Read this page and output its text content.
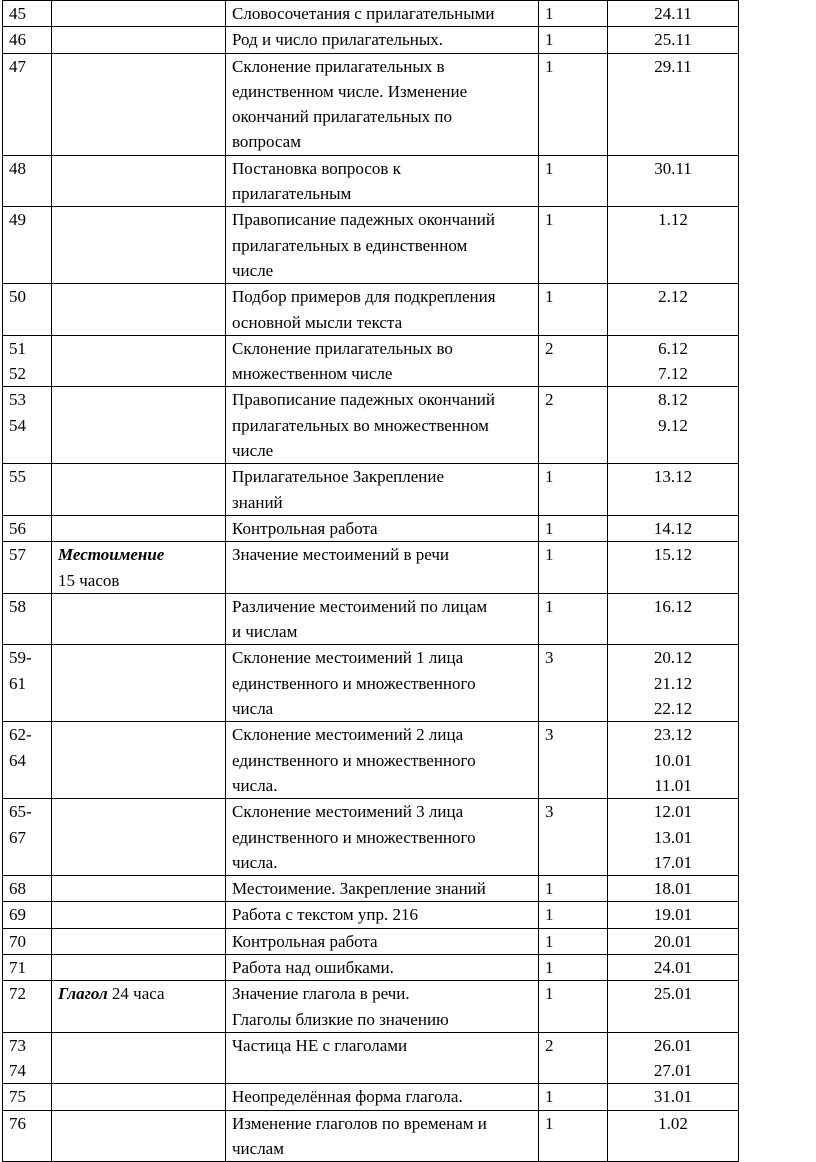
45		Словосочетания с прилагательными	1	24.11

46		Род и число прилагательных.	1	25.11

47		Склонение прилагательных в
единственном числе. Изменение
окончаний прилагательных по
вопросам	1	29.11

48		Постановка вопросов к
прилагательным	1	30.11

49		Правописание падежных окончаний
прилагательных в единственном
числе	1	1.12

50		Подбор примеров для подкрепления
основной мысли текста	1	2.12

51
52		Склонение прилагательных во
множественном числе	2	6.12
7.12

53
54		Правописание падежных окончаний
прилагательных во множественном
числе	2	8.12
9.12

55		Прилагательное Закрепление
знаний	1	13.12

56		Контрольная работа	1	14.12

57	Местоимение
15 часов	Значение местоимений в речи	1	15.12

58		Различение местоимений по лицам
и числам	1	16.12

59-
61		Склонение местоимений 1 лица
единственного и множественного
числа	3	20.12
21.12
22.12

62-
64		Склонение местоимений 2 лица
единственного и множественного
числа.	3	23.12
10.01
11.01

65-
67		Склонение местоимений 3 лица
единственного и множественного
числа.	3	12.01
13.01
17.01

68		Местоимение. Закрепление знаний	1	18.01

69		Работа с текстом упр. 216	1	19.01

70		Контрольная работа	1	20.01

71		Работа над ошибками.	1	24.01

72	Глагол 24 часа	Значение глагола в речи.
Глаголы близкие по значению	1	25.01

73
74		Частица НЕ с глаголами	2	26.01
27.01

75		Неопределённая форма глагола.	1	31.01

76		Изменение глаголов по временам и
числам	1	1.02
